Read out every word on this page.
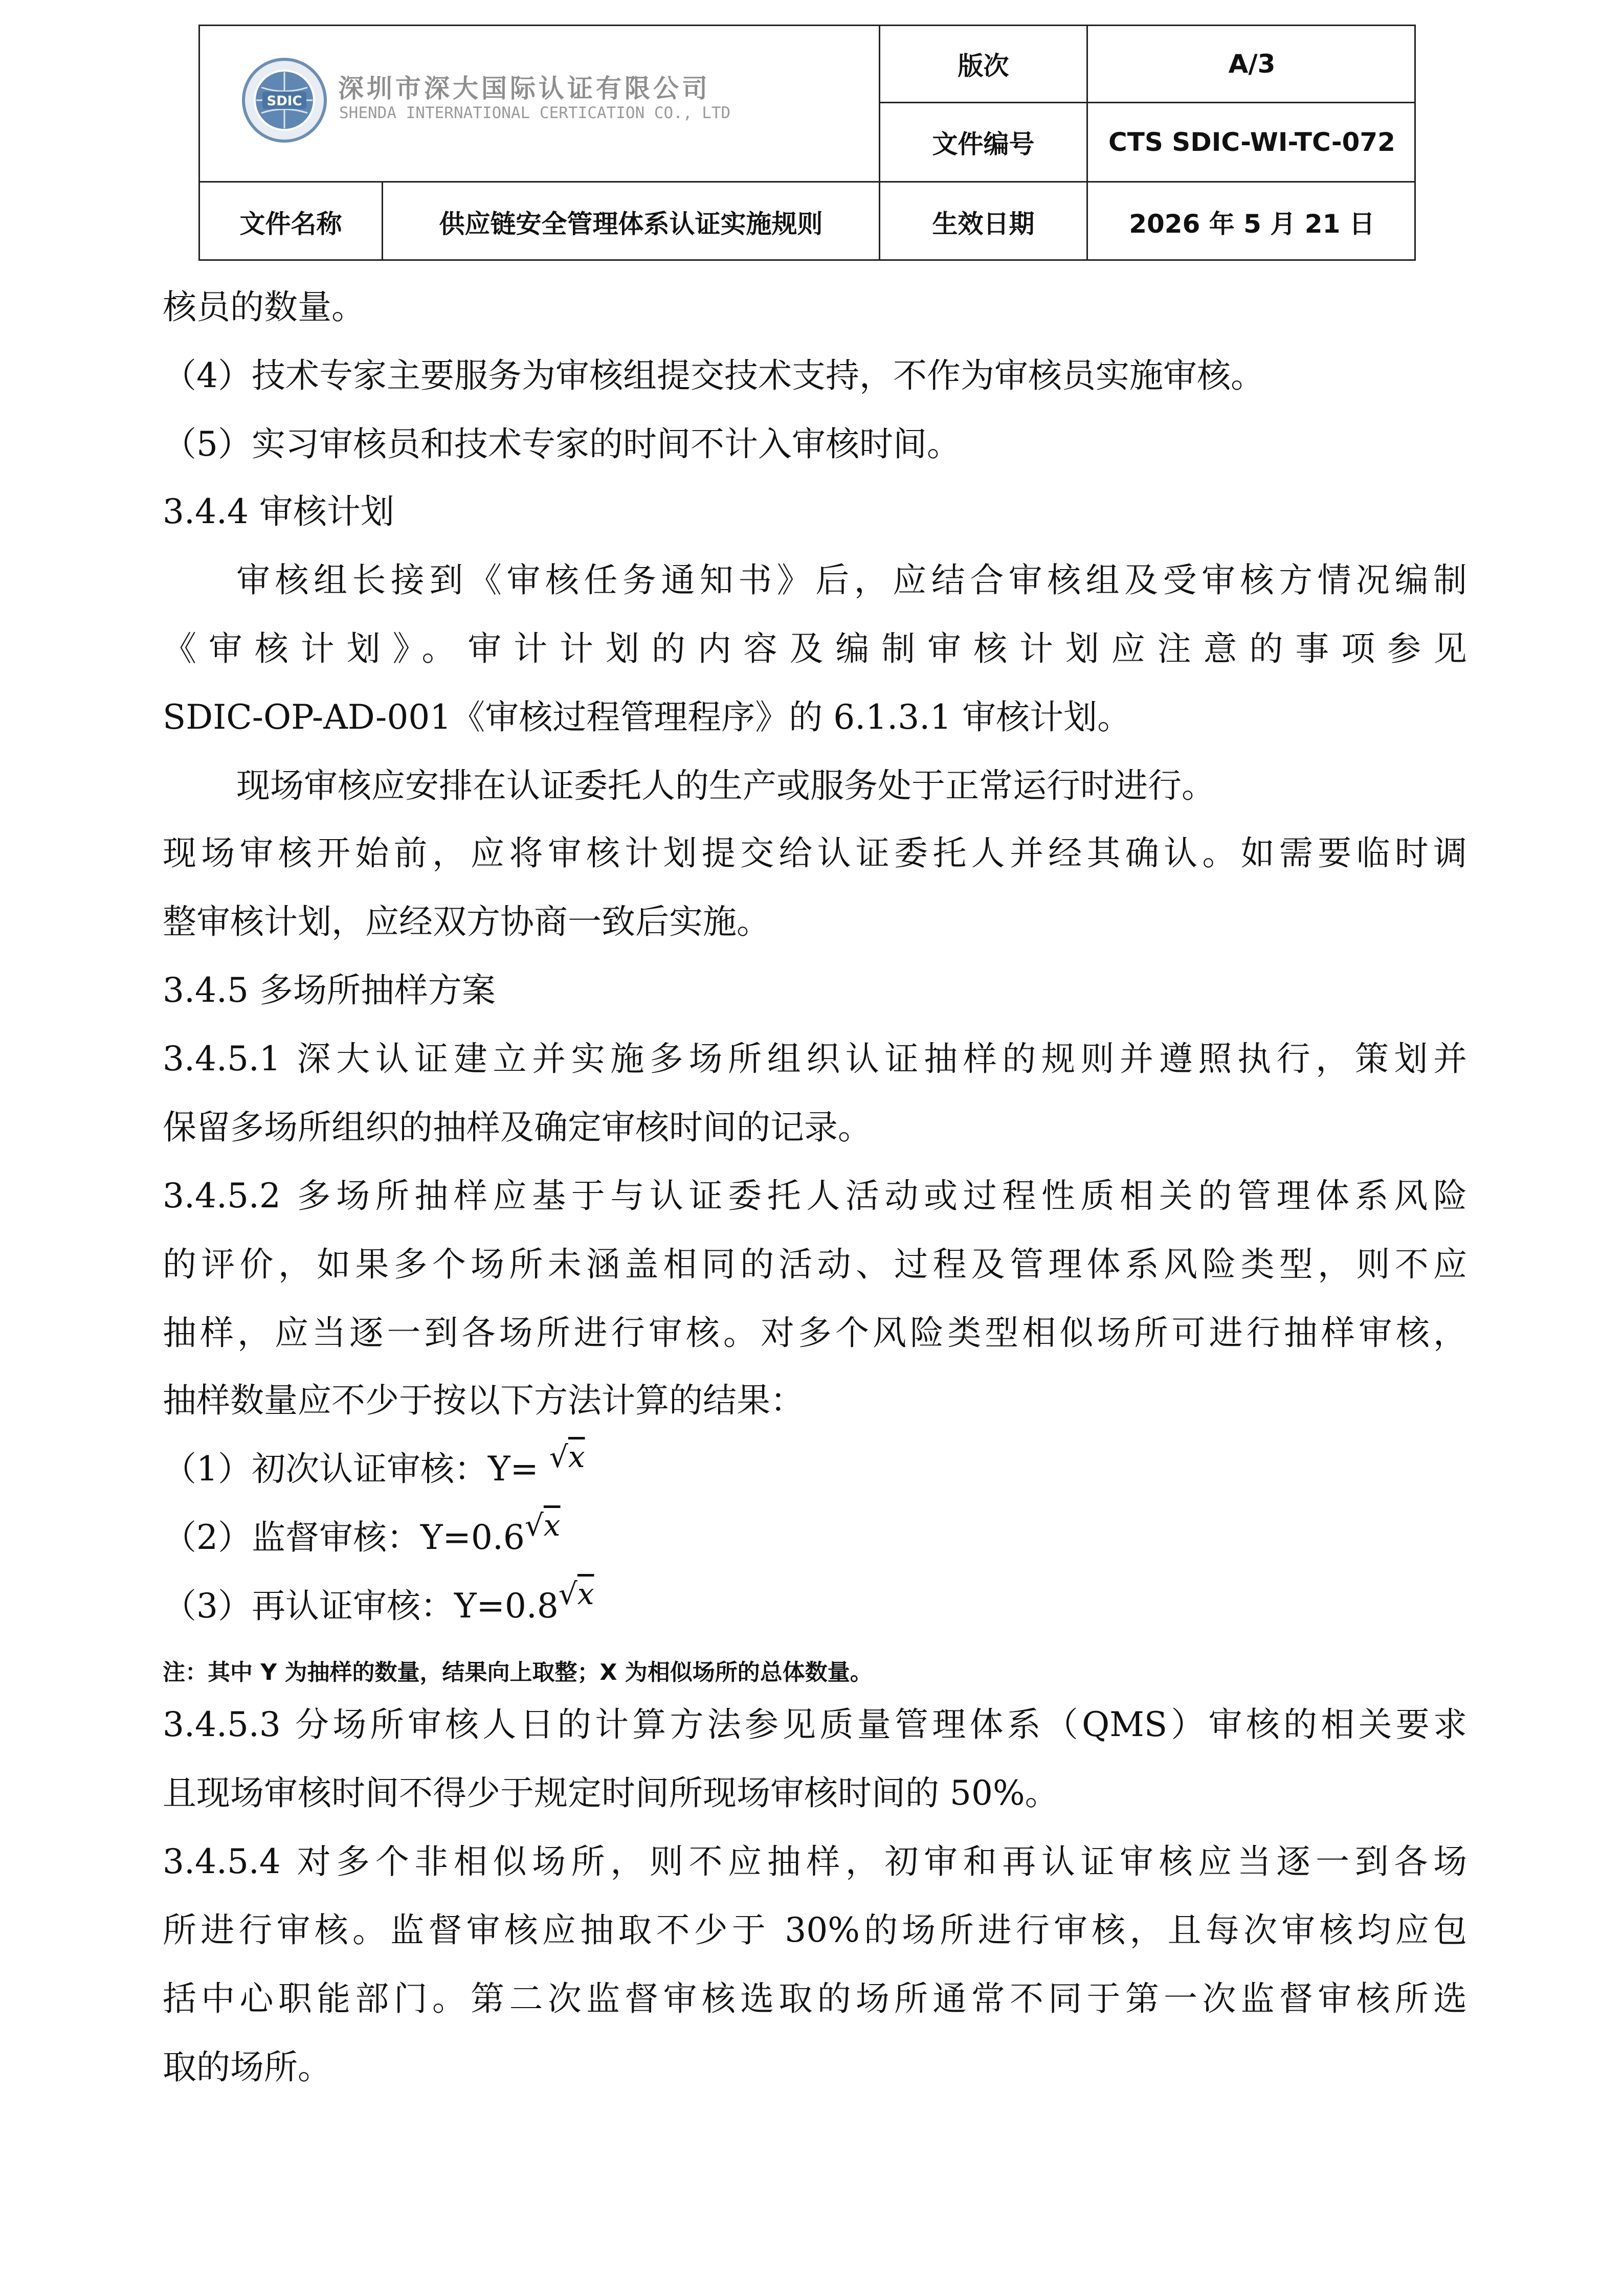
SDIC 深圳市深大国际认证有限公司
SHENDA INTERNATIONAL CERTICATION CO., LTD
版次	A/3
文件编号	CTS SDIC-WI-TC-072
文件名称	供应链安全管理体系认证实施规则	生效日期	2026 年 5 月 21 日
核员的数量。
（4）技术专家主要服务为审核组提交技术支持，不作为审核员实施审核。
（5）实习审核员和技术专家的时间不计入审核时间。
3.4.4 审核计划
审核组长接到《审核任务通知书》后，应结合审核组及受审核方情况编制
《审核计划》。审计计划的内容及编制审核计划应注意的事项参见
SDIC-OP-AD-001《审核过程管理程序》的 6.1.3.1 审核计划。
现场审核应安排在认证委托人的生产或服务处于正常运行时进行。
现场审核开始前，应将审核计划提交给认证委托人并经其确认。如需要临时调
整审核计划，应经双方协商一致后实施。
3.4.5 多场所抽样方案
3.4.5.1 深大认证建立并实施多场所组织认证抽样的规则并遵照执行，策划并
保留多场所组织的抽样及确定审核时间的记录。
3.4.5.2 多场所抽样应基于与认证委托人活动或过程性质相关的管理体系风险
的评价，如果多个场所未涵盖相同的活动、过程及管理体系风险类型，则不应
抽样，应当逐一到各场所进行审核。对多个风险类型相似场所可进行抽样审核，
抽样数量应不少于按以下方法计算的结果：
（1）初次认证审核：Y= √x
（2）监督审核：Y=0.6√x
（3）再认证审核：Y=0.8√x
注：其中 Y 为抽样的数量，结果向上取整；X 为相似场所的总体数量。
3.4.5.3 分场所审核人日的计算方法参见质量管理体系（QMS）审核的相关要求
且现场审核时间不得少于规定时间所现场审核时间的 50%。
3.4.5.4 对多个非相似场所，则不应抽样，初审和再认证审核应当逐一到各场
所进行审核。监督审核应抽取不少于 30%的场所进行审核，且每次审核均应包
括中心职能部门。第二次监督审核选取的场所通常不同于第一次监督审核所选
取的场所。
